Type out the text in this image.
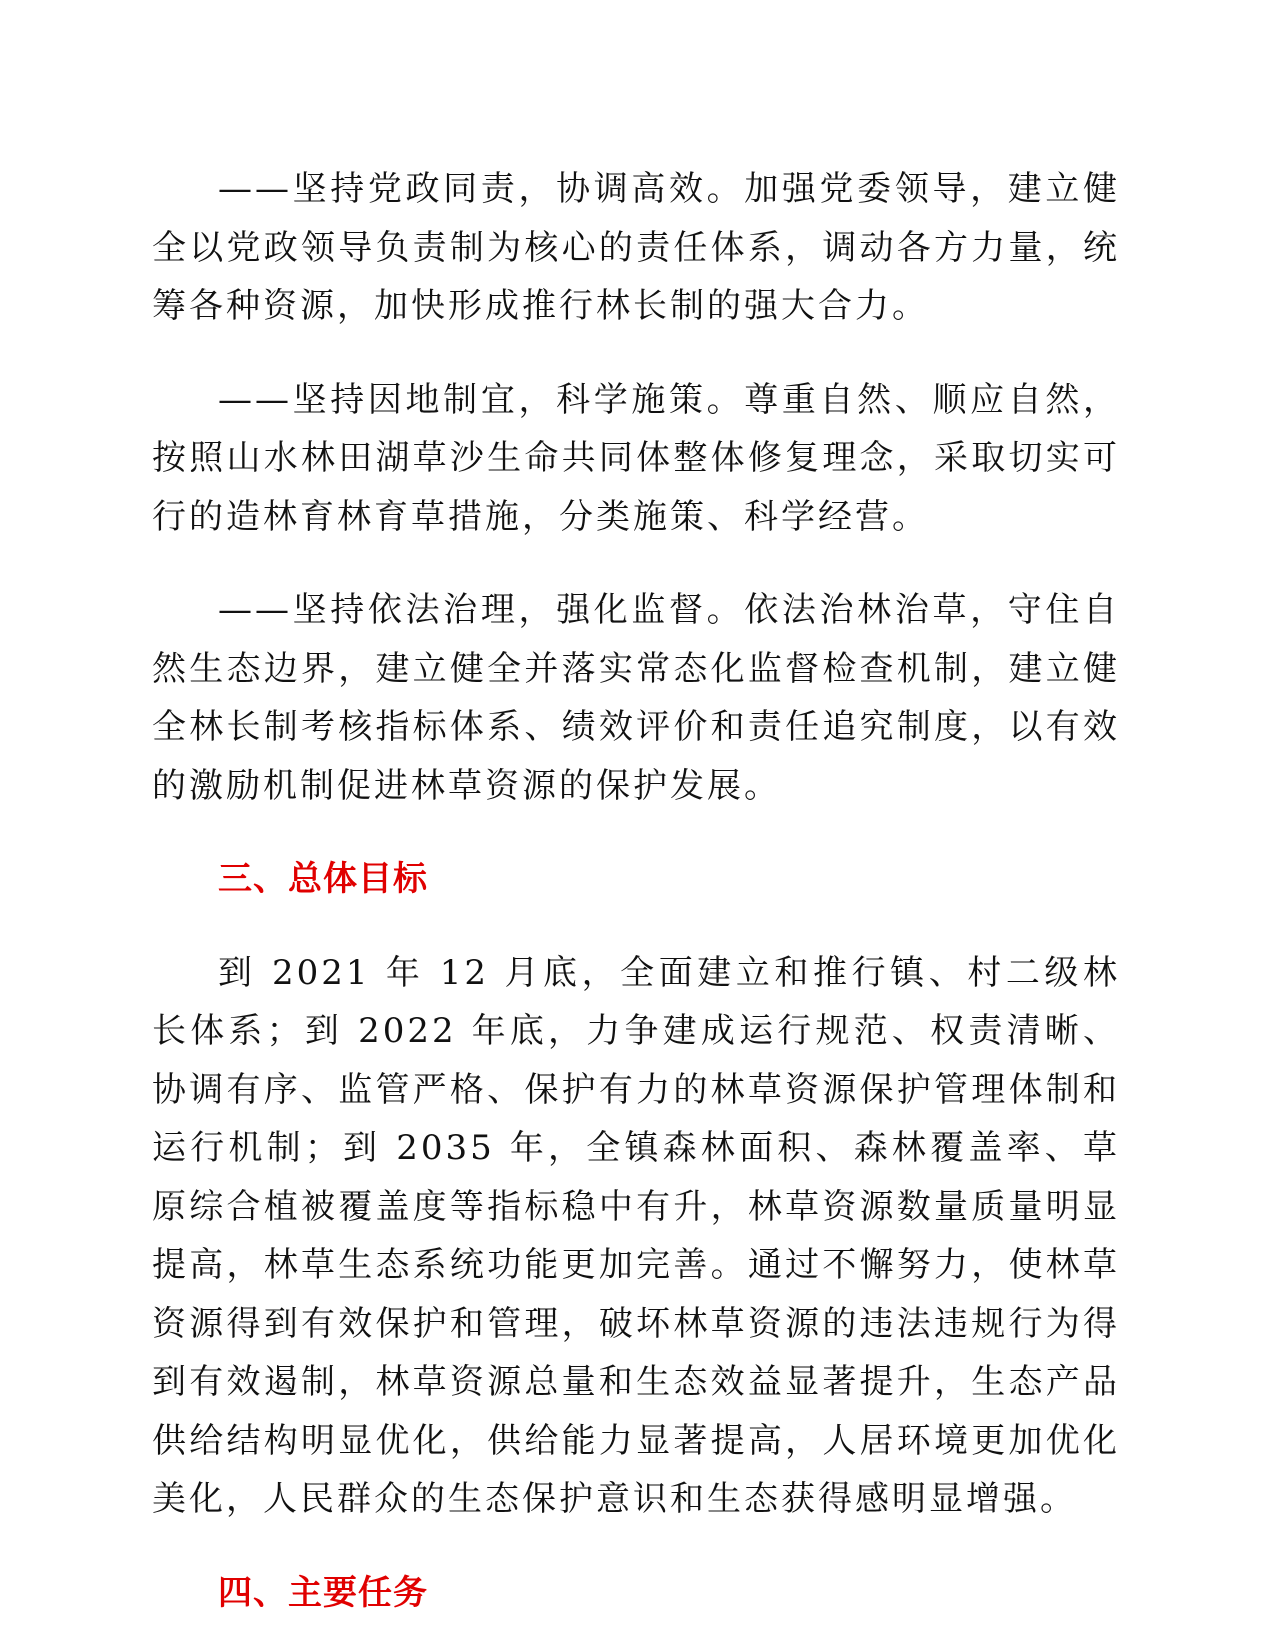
——坚持党政同责，协调高效。加强党委领导，建立健全以党政领导负责制为核心的责任体系，调动各方力量，统筹各种资源，加快形成推行林长制的强大合力。

——坚持因地制宜，科学施策。尊重自然、顺应自然，按照山水林田湖草沙生命共同体整体修复理念，采取切实可行的造林育林育草措施，分类施策、科学经营。

——坚持依法治理，强化监督。依法治林治草，守住自然生态边界，建立健全并落实常态化监督检查机制，建立健全林长制考核指标体系、绩效评价和责任追究制度，以有效的激励机制促进林草资源的保护发展。

三、总体目标

到 2021 年 12 月底，全面建立和推行镇、村二级林长体系；到 2022 年底，力争建成运行规范、权责清晰、协调有序、监管严格、保护有力的林草资源保护管理体制和运行机制；到 2035 年，全镇森林面积、森林覆盖率、草原综合植被覆盖度等指标稳中有升，林草资源数量质量明显提高，林草生态系统功能更加完善。通过不懈努力，使林草资源得到有效保护和管理，破坏林草资源的违法违规行为得到有效遏制，林草资源总量和生态效益显著提升，生态产品供给结构明显优化，供给能力显著提高，人居环境更加优化美化，人民群众的生态保护意识和生态获得感明显增强。

四、主要任务
